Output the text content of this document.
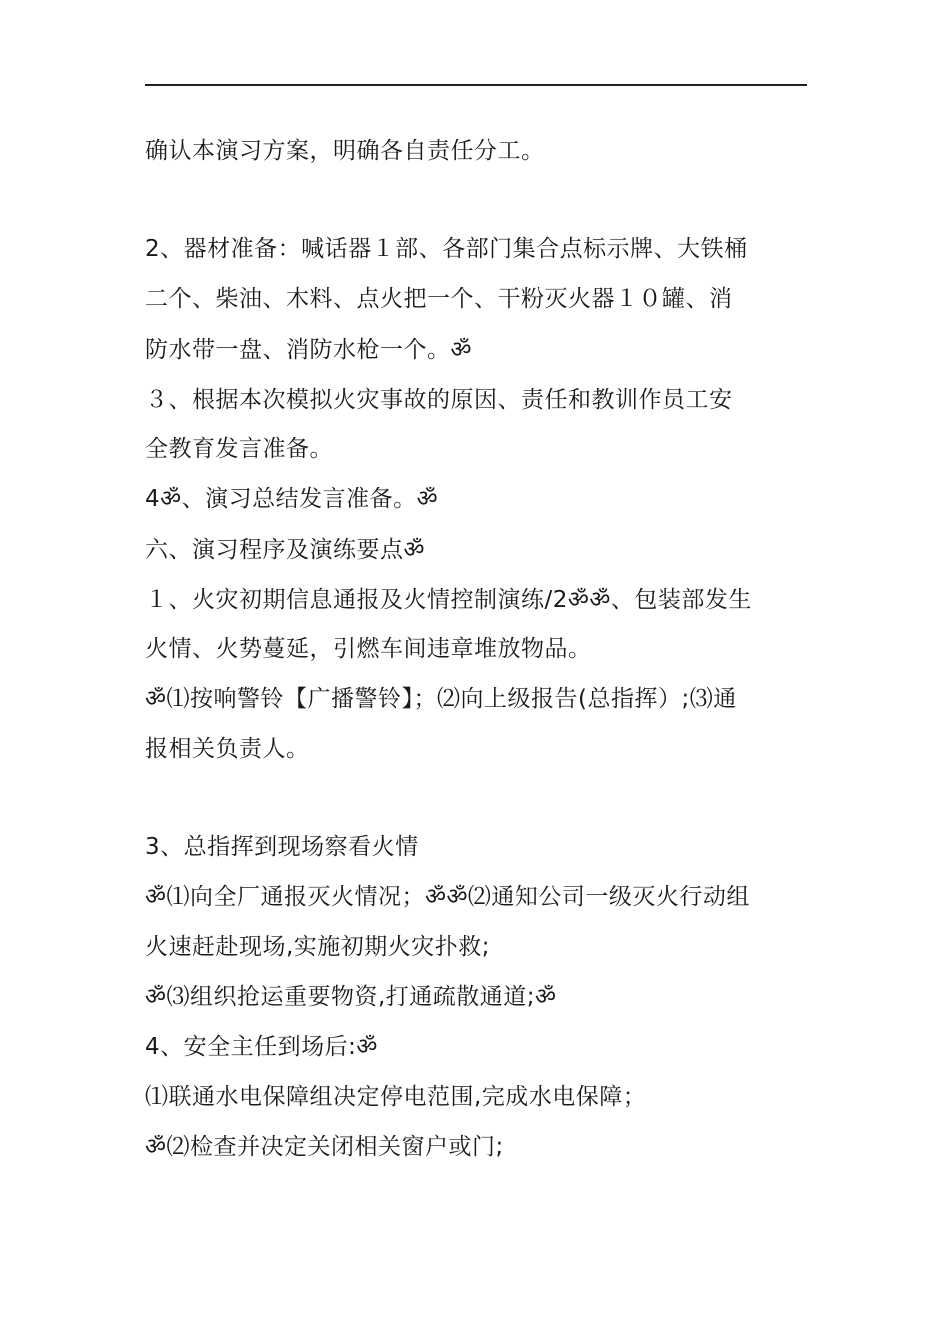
确认本演习方案，明确各自责任分工。
2、器材准备：喊话器１部、各部门集合点标示牌、大铁桶
二个、柴油、木料、点火把一个、干粉灭火器１０罐、消
防水带一盘、消防水枪一个。ॐ
３、根据本次模拟火灾事故的原因、责任和教训作员工安
全教育发言准备。
4ॐ、演习总结发言准备。ॐ
六、演习程序及演练要点ॐ
１、火灾初期信息通报及火情控制演练/2ॐॐ、包装部发生
火情、火势蔓延，引燃车间违章堆放物品。
ॐ⑴按响警铃【广播警铃】；⑵向上级报告(总指挥）;⑶通
报相关负责人。
3、总指挥到现场察看火情
ॐ⑴向全厂通报灭火情况；ॐॐ⑵通知公司一级灭火行动组
火速赶赴现场,实施初期火灾扑救;
ॐ⑶组织抢运重要物资,打通疏散通道;ॐ
4、安全主任到场后:ॐ
⑴联通水电保障组决定停电范围,完成水电保障；
ॐ⑵检查并决定关闭相关窗户或门;
